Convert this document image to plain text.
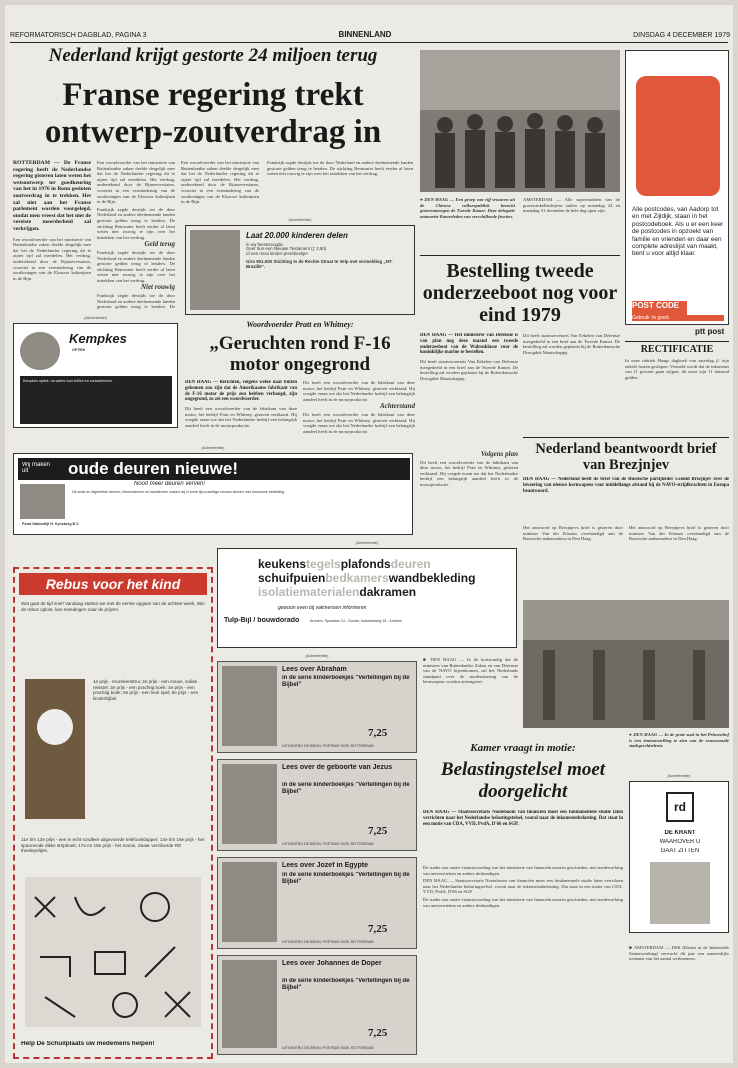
REFORMATORISCH DAGBLAD, PAGINA 3	BINNENLAND	DINSDAG 4 DECEMBER 1979
Nederland krijgt gestorte 24 miljoen terug
Franse regering trekt ontwerp-zoutverdrag in
ROTTERDAM — De Franse regering heeft de Nederlandse regering gisteren laten weten het wetsontwerp ter goedkeuring van het in 1976 in Bonn gesloten zoutverdrag in te trekken. Het zal niet aan het Franse parlement worden voorgelegd, omdat men vreest dat het niet de vereiste meerderheid zal verkrijgen.
Een woordvoerder van het ministerie van Buitenlandse zaken deelde dergelijk mee dat het de Nederlandse regering dit te zijner tijd zal meedelen. Het verdrag, ondertekend door de Rijnoeverstaten, voorziet in een vermindering van de zoutlozingen van de Elzasser kalimijnen in de Rijn.

Een woordvoerder van het ministerie van Buitenlandse zaken deelde dergelijk mee dat het de Nederlandse regering dit te zijner tijd zal meedelen. Het verdrag, ondertekend door de Rijnoeverstaten, voorziet in een vermindering van de zoutlozingen van de Elzasser kalimijnen in de Rijn.

Frankrijk zegde destijds toe de door Nederland en andere deelnemende landen gestorte gelden terug te betalen. De stichting Reinwater heeft eerder al laten weten niet rouwig te zijn over het intrekken van het verdrag.

Geld terug

Frankrijk zegde destijds toe de door Nederland en andere deelnemende landen gestorte gelden terug te betalen. De stichting Reinwater heeft eerder al laten weten niet rouwig te zijn over het intrekken van het verdrag.

Niet rouwig

Frankrijk zegde destijds toe de door Nederland en andere deelnemende landen gestorte gelden terug te betalen. De

Een woordvoerder van het ministerie van Buitenlandse zaken deelde dergelijk mee dat het de Nederlandse regering dit te zijner tijd zal meedelen. Het verdrag, ondertekend door de Rijnoeverstaten, voorziet in een vermindering van de zoutlozingen van de Elzasser kalimijnen in de Rijn.
Frankrijk zegde destijds toe de door Nederland en andere deelnemende landen gestorte gelden terug te betalen. De stichting Reinwater heeft eerder al laten weten niet rouwig te zijn over het intrekken van het verdrag.
(Advertentie)
Laat 20.000 kinderen delen
in uw feestvreugde.
Geef hun een Nieuwe Testament (ƒ 2,50)
of een mooi kinder-prentboekje!
Giro 901.000 Stichting In de Rechte Straat te Velp met vermelding „NT-Brazilië".
(Advertentie)
Kempkes
OPTIEK
Kempkes optiek, uw adres voor brillen en contactlenzen.
(Advertentie)
Wij maken uit	oude deuren nieuwe!
Nooit meer deuren verven!
Uit oude en afgeleefde deuren, binnendeuren en kastdeuren maken wij in korte tijd prachtige nieuwe deuren met duurzame bekleding.
Porta Vakbedrijf H. Kynsberg B.V.
Rebus voor het kind
Wat gaat de tijd snel! Vandaag starten we met de eerste opgave van de achtste week. Wie de rebus oplost, kan meedingen naar de prijzen.
1e prijs - reuzekersttrui; 2e prijs - een mooie, solide reisstel; 3e prijs - een prachtig boek; 4e prijs - een prachtig boek; 5e prijs - een leuk spel; 6e prijs - een kinderbijbel.
11e t/m 13e prijs - een in echt rundleer uitgevoerde telefoonklapper; 14e t/m 16e prijs - het spannende dikke stripboek; 17e en 18e prijs - het mooie, zwaar verzilverde RD theelepeltjes.
Help De Schuilplaats uw medemens helpen!
● DEN HAAG — Een groep van vijf vrouwen uit de Chinese volksrepubliek bezocht gisterenmorgen de Tweede Kamer. Deze delegatie ontmoette Kamerleden van verschillende fracties.
AMSTERDAM — Alle supermarkten van de grootwinkelbedrijven zullen op maandag 24 en maandag 31 december de hele dag open zijn.	Alle postcodes, van Aadorp tot en met Zijldijk, staan in het postcodeboek. Als u er een keer de postcodes in opzoekt van familie en vrienden en daar een complete adreslijst van maakt, bent u voor altijd klaar.
POST CODE
Gebruik 'm goed.
ptt post
RECTIFICATIE
In onze rubriek Haags dagboek van zaterdag jl. zijn enkele fouten geslopen. Vermeld wordt dat de inkomens van 11 procent gaan stijgen; dit moet zijn 11 duizend gulden.
Bestelling tweede onderzeeboot nog voor eind 1979
DEN HAAG — Het ministerie van Defensie is van plan nog deze maand een tweede onderzeeboot van de Walrusklasse voor de koninklijke marine te bestellen.
Dit heeft staatssecretaris Van Eekelen van Defensie meegedeeld in een brief aan de Tweede Kamer. De bestelling zal worden geplaatst bij de Rotterdamsche Droogdok Maatschappij.
Dit heeft staatssecretaris Van Eekelen van Defensie meegedeeld in een brief aan de Tweede Kamer. De bestelling zal worden geplaatst bij de Rotterdamsche Droogdok Maatschappij.
Woordvoerder Pratt en Whitney:
„Geruchten rond F-16 motor ongegrond
DEN HAAG — Berichten, volgens welke naar buiten gekomen zou zijn dat de Amerikaanse fabrikant van de F-16 motor de prijs zou hebben verhoogd, zijn ongegrond, zo zei een woordvoerder.
Dit heeft een woordvoerder van de fabrikant van deze motor, het bedrijf Pratt en Whitney, gisteren verklaard. Hij voegde eraan toe dat het Nederlandse bedrijf een belangrijk aandeel heeft in de motorproductie.

Dit heeft een woordvoerder van de fabrikant van deze motor, het bedrijf Pratt en Whitney, gisteren verklaard. Hij voegde eraan toe dat het Nederlandse bedrijf een belangrijk aandeel heeft in de motorproductie.

Achterstand

Dit heeft een woordvoerder van de fabrikant van deze motor, het bedrijf Pratt en Whitney, gisteren verklaard. Hij voegde eraan toe dat het Nederlandse bedrijf een belangrijk aandeel heeft in de motorproductie.

Volgens plan

Dit heeft een woordvoerder van de fabrikant van deze motor, het bedrijf Pratt en Whitney, gisteren verklaard. Hij voegde eraan toe dat het Nederlandse bedrijf een belangrijk aandeel heeft in de motorproductie.

Nederland beantwoordt brief van Brezjnjev
DEN HAAG — Nederland heeft de brief van de Russische partijleider Leonid Brezjnjev over de invoering van nieuwe kernwapens voor middellange afstand bij de NAVO-strijdkrachten in Europa beantwoord.
Het antwoord op Brezjnjevs brief is gisteren door minister Van der Klaauw overhandigd aan de Russische ambassadeur in Den Haag.
Het antwoord op Brezjnjevs brief is gisteren door minister Van der Klaauw overhandigd aan de Russische ambassadeur in Den Haag.
(Advertentie)
keukenstegelsplafondsdeuren
schuifpuienbedkamerswandbekleding
isolatiematerialendakramen
gewoon even bij vakmensen informeren
Tulp-Bijl / bouwdorado	Arnhem, Sportlaan 24 - Gouda, Industrieweg 18 - Arnhem
(Advertentie)
Lees over Abraham
in de serie kinderboekjes "Vertellingen bij de Bijbel"
7,25
UITGEVERIJ DE BRON, POSTBUS 9035, ROTTERDAM
Lees over de geboorte van Jezus
in de serie kinderboekjes "Vertellingen bij de Bijbel"
7,25
UITGEVERIJ DE BRON, POSTBUS 9035, ROTTERDAM
Lees over Jozef in Egypte
in de serie kinderboekjes "Vertellingen bij de Bijbel"
7,25
UITGEVERIJ DE BRON, POSTBUS 9035, ROTTERDAM
Lees over Johannes de Doper
in de serie kinderboekjes "Vertellingen bij de Bijbel"
7,25
UITGEVERIJ DE BRON, POSTBUS 9035, ROTTERDAM
■ DEN HAAG — In de kortstondig dat de ministers van Buitenlandse Zaken en van Defensie van de NAVO bijeenkomen, zal het Nederlands standpunt over de modernisering van de kernwapens worden uiteengezet.
● DEN HAAG — In de grote zaal in het Prinsenhof is een tentoonstelling te zien van de eeuwenoude stadsgeschiedenis.
Kamer vraagt in motie:
Belastingstelsel moet doorgelicht
DEN HAAG — Staatssecretaris Nooteboom van financiën moet een fundamentele studie laten verrichten naar het Nederlandse belastingstelsel, vooral naar de inkomstenbelasting. Dat staat in een motie van CDA, VVD, PvdA, D'66 en SGP.

De studie zou onder verantwoording van het ministerie van financiën moeten geschieden, met medewerking van universiteiten en andere deskundigen.

DEN HAAG — Staatssecretaris Nooteboom van financiën moet een fundamentele studie laten verrichten naar het Nederlandse belastingstelsel, vooral naar de inkomstenbelasting. Dat staat in een motie van CDA, VVD, PvdA, D'66 en SGP.

De studie zou onder verantwoording van het ministerie van financiën moeten geschieden, met medewerking van universiteiten en andere deskundigen.

(Advertentie)
rd
DE KRANT
WAAROVER U
GAAT ZITTEN
■ AMSTERDAM — DSK (Dienst in de Industriële Samenwerking) verwacht dit jaar een aanzienlijke toename van het aantal werknemers.
